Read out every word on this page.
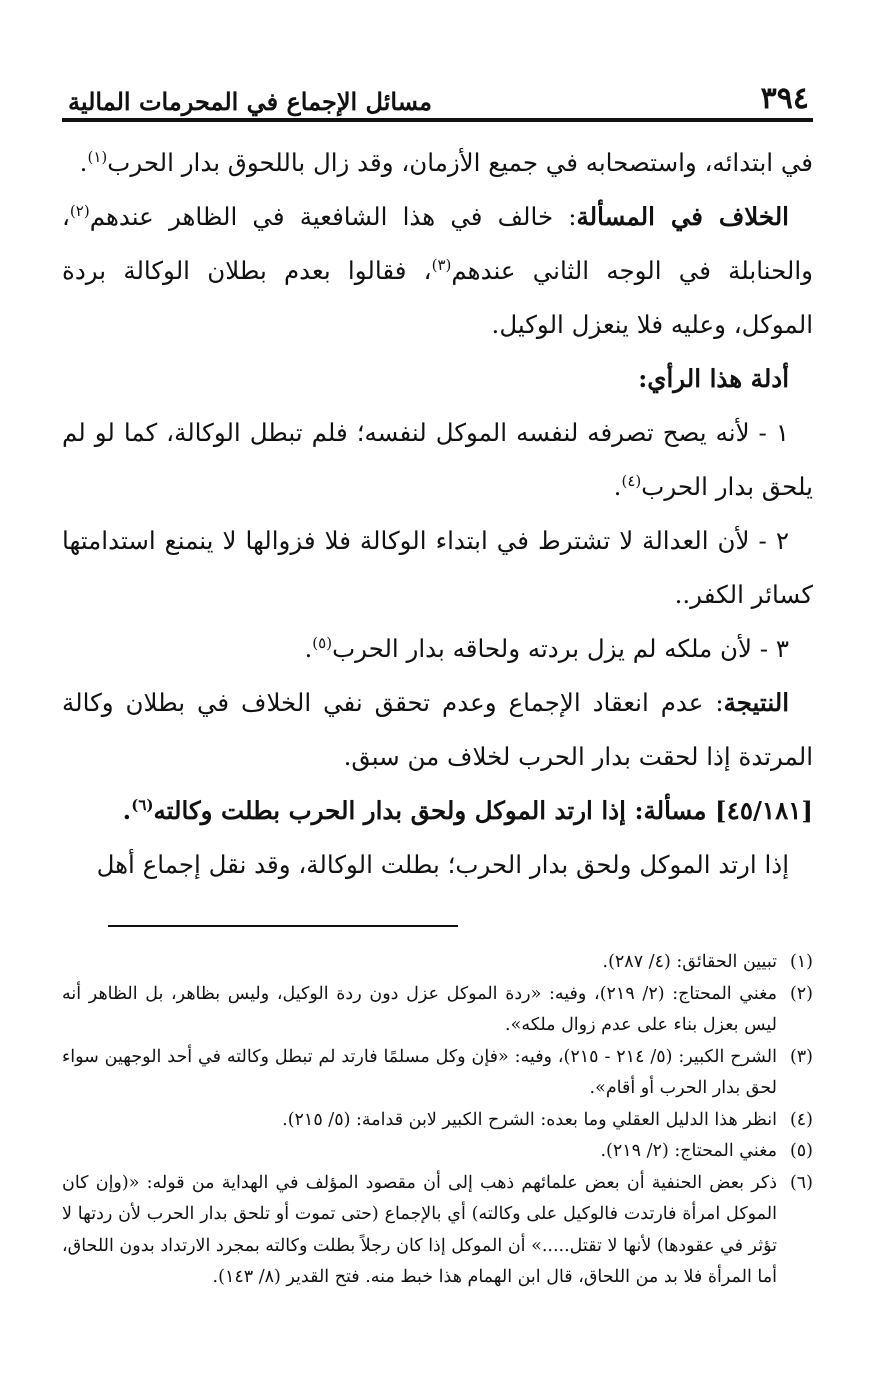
٣٩٤
مسائل الإجماع في المحرمات المالية

في ابتدائه، واستصحابه في جميع الأزمان، وقد زال باللحوق بدار الحرب$^{(١)}$.

الخلاف في المسألة: خالف في هذا الشافعية في الظاهر عندهم$^{(٢)}$، والحنابلة في الوجه الثاني عندهم$^{(٣)}$، فقالوا بعدم بطلان الوكالة بردة الموكل، وعليه فلا ينعزل الوكيل.

أدلة هذا الرأي:

١ - لأنه يصح تصرفه لنفسه الموكل لنفسه؛ فلم تبطل الوكالة، كما لو لم يلحق بدار الحرب$^{(٤)}$.

٢ - لأن العدالة لا تشترط في ابتداء الوكالة فلا فزوالها لا ينمنع استدامتها كسائر الكفر..

٣ - لأن ملكه لم يزل بردته ولحاقه بدار الحرب$^{(٥)}$.

النتيجة: عدم انعقاد الإجماع وعدم تحقق نفي الخلاف في بطلان وكالة المرتدة إذا لحقت بدار الحرب لخلاف من سبق.

[٤٥/١٨١] مسألة: إذا ارتد الموكل ولحق بدار الحرب بطلت وكالته$^{(٦)}$.

إذا ارتد الموكل ولحق بدار الحرب؛ بطلت الوكالة، وقد نقل إجماع أهل

(١)
تبيين الحقائق: (٤/ ٢٨٧).
(٢)
مغني المحتاج: (٢/ ٢١٩)، وفيه: «ردة الموكل عزل دون ردة الوكيل، وليس بظاهر، بل الظاهر أنه ليس بعزل بناء على عدم زوال ملكه».
(٣)
الشرح الكبير: (٥/ ٢١٤ - ٢١٥)، وفيه: «فإن وكل مسلمًا فارتد لم تبطل وكالته في أحد الوجهين سواء لحق بدار الحرب أو أقام».
(٤)
انظر هذا الدليل العقلي وما بعده: الشرح الكبير لابن قدامة: (٥/ ٢١٥).
(٥)
مغني المحتاج: (٢/ ٢١٩).
(٦)
ذكر بعض الحنفية أن بعض علمائهم ذهب إلى أن مقصود المؤلف في الهداية من قوله: «(وإن كان الموكل امرأة فارتدت فالوكيل على وكالته) أي بالإجماع (حتى تموت أو تلحق بدار الحرب لأن ردتها لا تؤثر في عقودها) لأنها لا تقتل.....» أن الموكل إذا كان رجلاً بطلت وكالته بمجرد الارتداد بدون اللحاق، أما المرأة فلا بد من اللحاق، قال ابن الهمام هذا خبط منه. فتح القدير (٨/ ١٤٣).
